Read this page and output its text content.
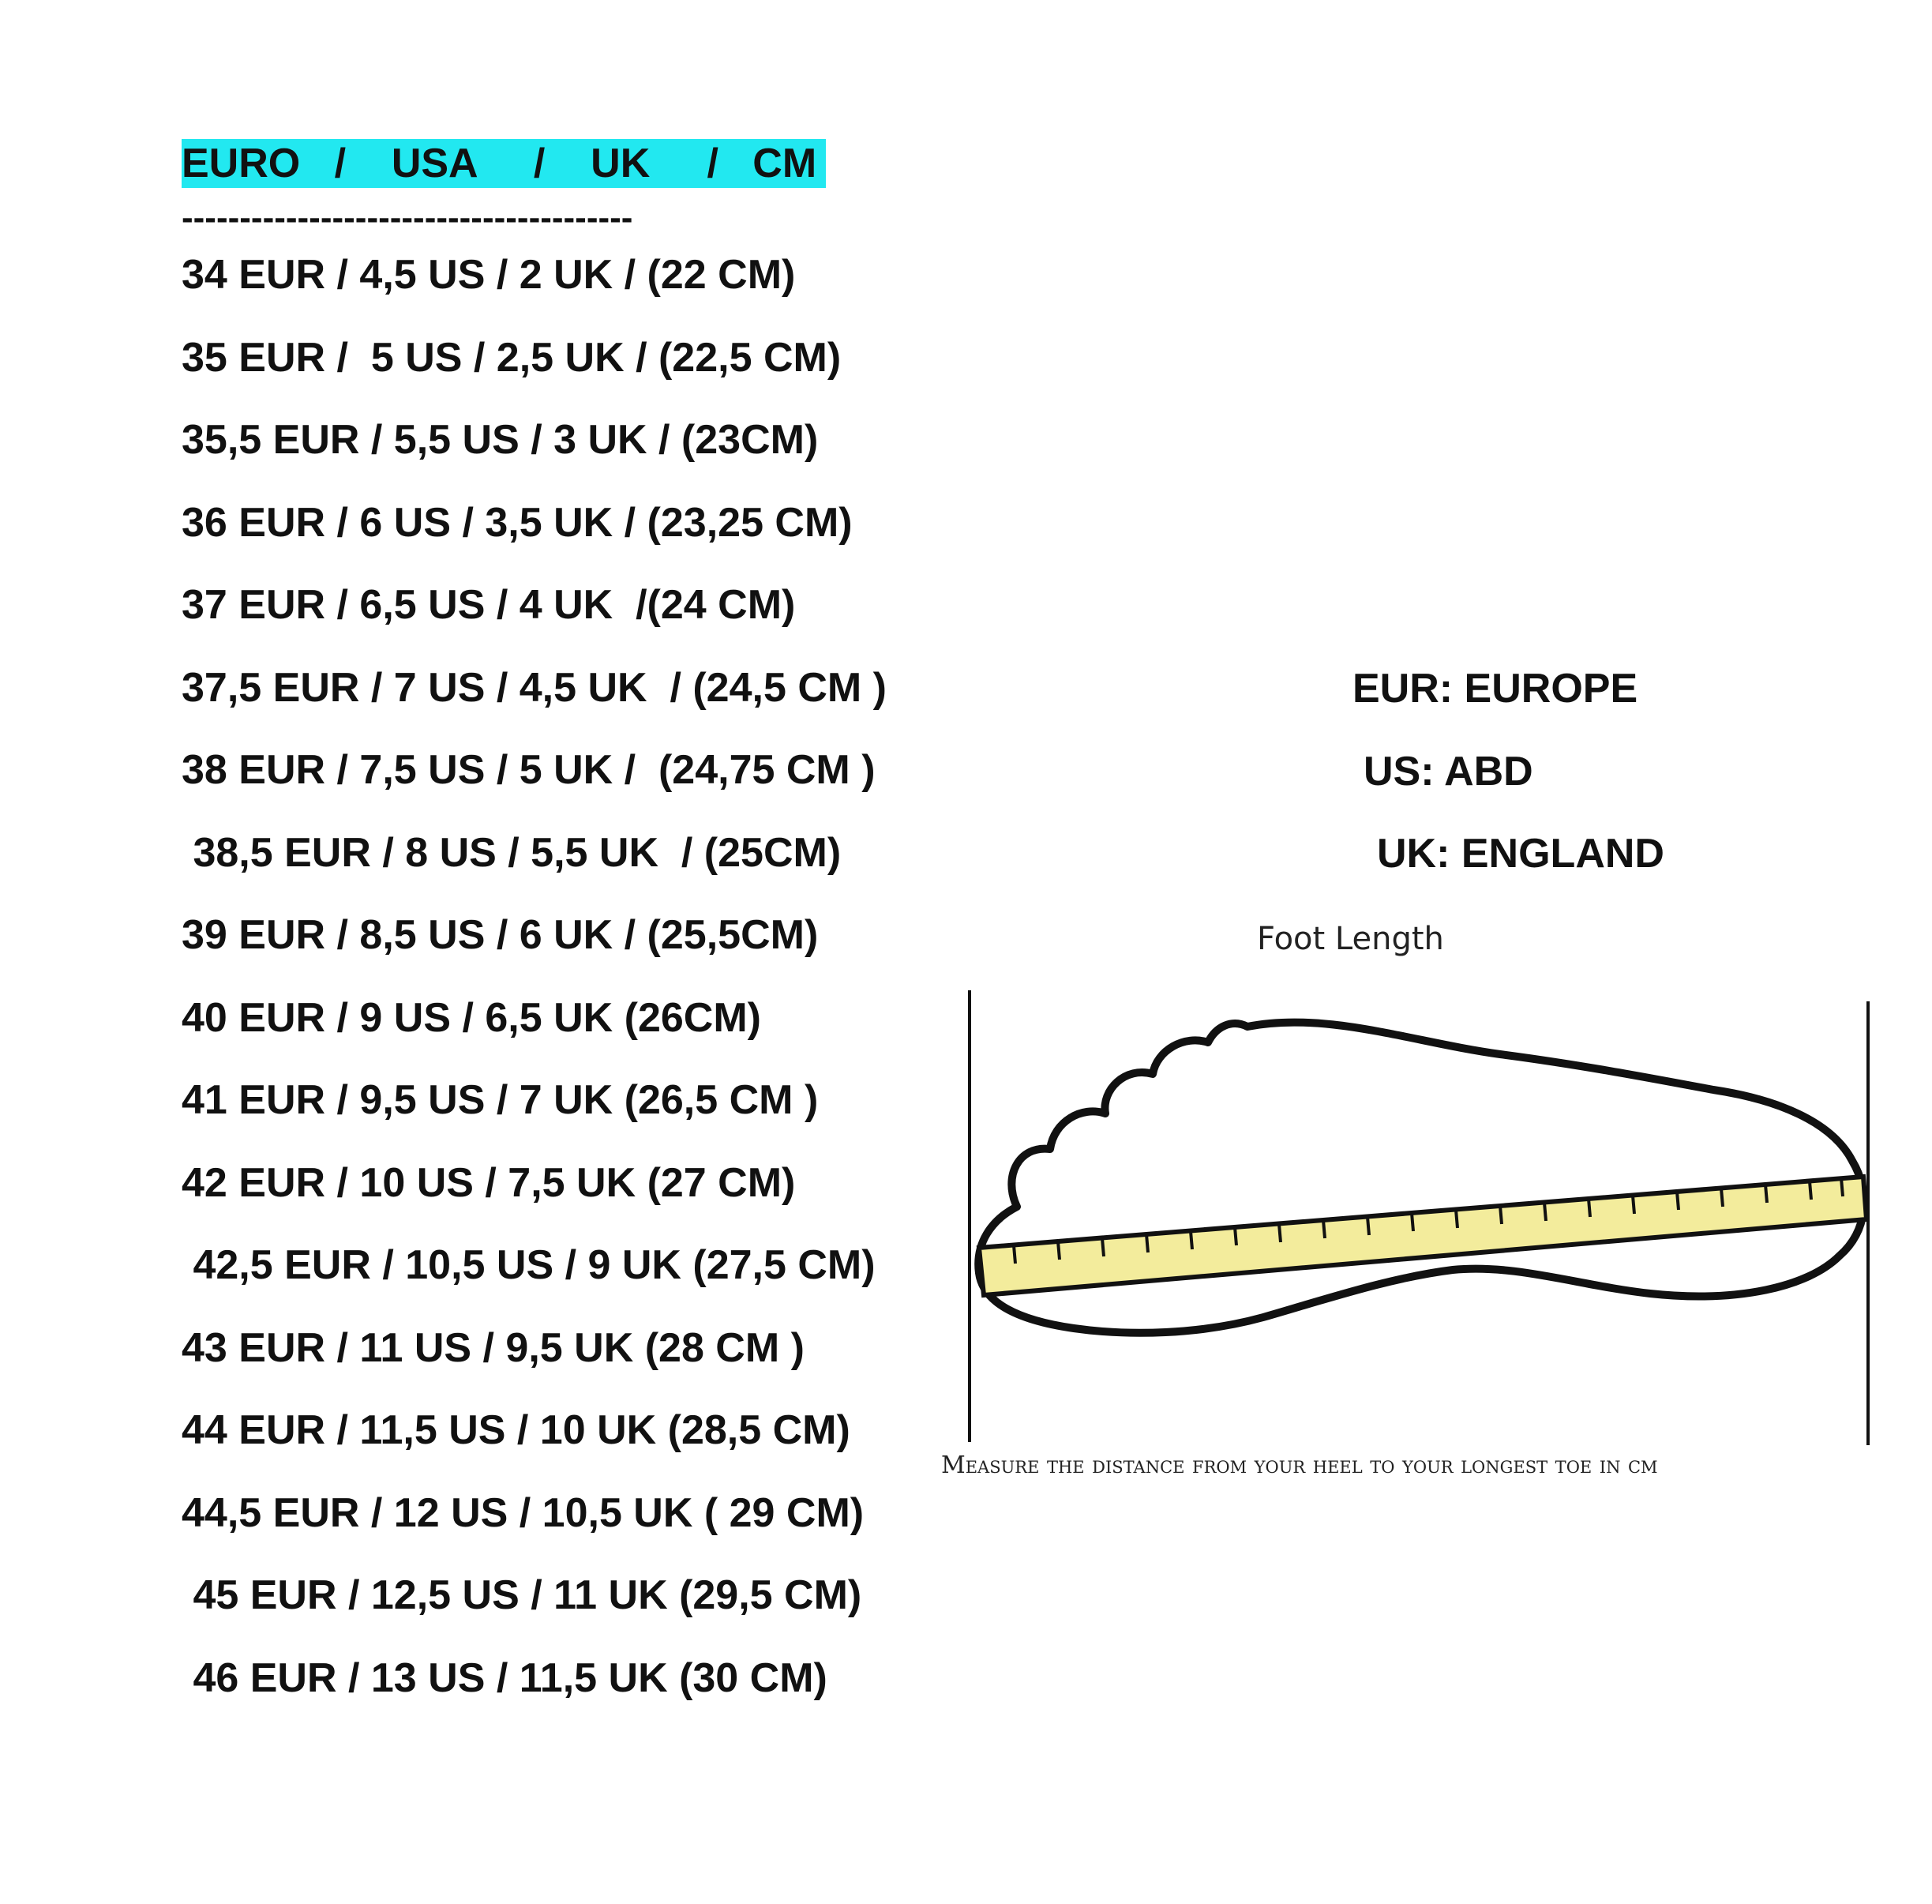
EURO   /    USA     /    UK     /   CM
---------------------------------------
34 EUR / 4,5 US / 2 UK / (22 CM)
35 EUR /  5 US / 2,5 UK / (22,5 CM)
35,5 EUR / 5,5 US / 3 UK / (23CM)
36 EUR / 6 US / 3,5 UK / (23,25 CM)
37 EUR / 6,5 US / 4 UK  /(24 CM)
37,5 EUR / 7 US / 4,5 UK  / (24,5 CM )
38 EUR / 7,5 US / 5 UK /  (24,75 CM )
38,5 EUR / 8 US / 5,5 UK  / (25CM)
39 EUR / 8,5 US / 6 UK / (25,5CM)
40 EUR / 9 US / 6,5 UK (26CM)
41 EUR / 9,5 US / 7 UK (26,5 CM )
42 EUR / 10 US / 7,5 UK (27 CM)
42,5 EUR / 10,5 US / 9 UK (27,5 CM)
43 EUR / 11 US / 9,5 UK (28 CM )
44 EUR / 11,5 US / 10 UK (28,5 CM)
44,5 EUR / 12 US / 10,5 UK ( 29 CM)
45 EUR / 12,5 US / 11 UK (29,5 CM)
46 EUR / 13 US / 11,5 UK (30 CM)
EUR: EUROPE
US: ABD
UK: ENGLAND
Foot Length
Measure the distance from your heel to your longest toe in cm
